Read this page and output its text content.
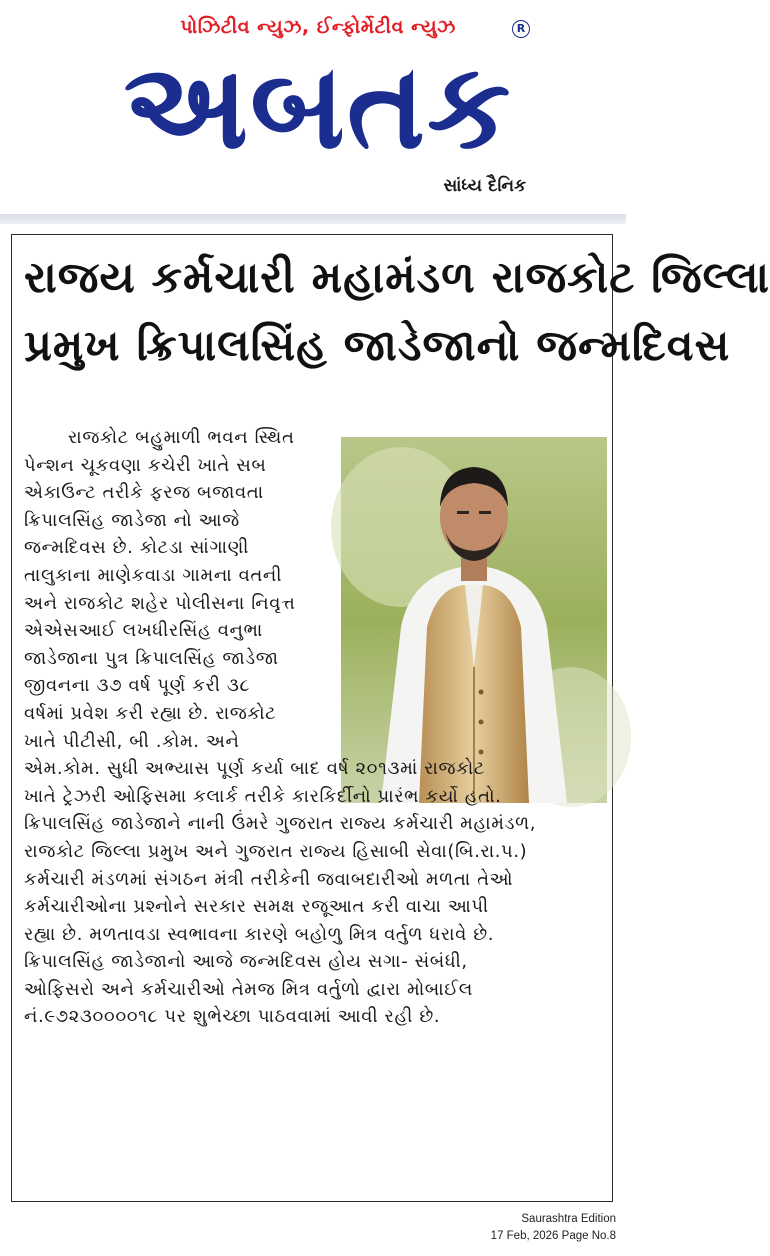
પોઝિટીવ ન્યુઝ, ઈન્ફોર્મેટીવ ન્યુઝ	R
અબતક
સાંધ્ય દૈનિક
રાજય કર્મચારી મહામંડળ રાજકોટ જિલ્લા
પ્રમુખ ક્રિપાલસિંહ જાડેજાનો જન્મદિવસ
રાજકોટ બહુમાળી ભવન સ્થિત
પેન્શન ચૂકવણા કચેરી ખાતે સબ
એકાઉન્ટ તરીકે ફરજ બજાવતા
ક્રિપાલસિંહ જાડેજા નો આજે
જન્મદિવસ છે. કોટડા સાંગાણી
તાલુકાના માણેકવાડા ગામના વતની
અને રાજકોટ શહેર પોલીસના નિવૃત્ત
એએસઆઈ લખધીરસિંહ વનુભા
જાડેજાના પુત્ર ક્રિપાલસિંહ જાડેજા
જીવનના ૩૭ વર્ષ પૂર્ણ કરી ૩૮
વર્ષમાં પ્રવેશ કરી રહ્યા છે. રાજકોટ
ખાતે પીટીસી, બી .કોમ. અને
એમ.કોમ. સુધી અભ્યાસ પૂર્ણ કર્યા બાદ વર્ષ ૨૦૧૩માં રાજકોટ
ખાતે ટ્રેઝરી ઓફિસમા કલાર્ક તરીકે કારકિર્દીનો પ્રારંભ કર્યો હતો.
ક્રિપાલસિંહ જાડેજાને નાની ઉંમરે ગુજરાત રાજ્ય કર્મચારી મહામંડળ,
રાજકોટ જિલ્લા પ્રમુખ અને ગુજરાત રાજ્ય હિસાબી સેવા(બિ.રા.પ.)
કર્મચારી મંડળમાં સંગઠન મંત્રી તરીકેની જવાબદારીઓ મળતા તેઓ
કર્મચારીઓના પ્રશ્નોને સરકાર સમક્ષ રજૂઆત કરી વાચા આપી
રહ્યા છે. મળતાવડા સ્વભાવના કારણે બહોળુ મિત્ર વર્તુળ ધરાવે છે.
ક્રિપાલસિંહ જાડેજાનો આજે જન્મદિવસ હોય સગા- સંબંધી,
ઓફિસરો અને કર્મચારીઓ તેમજ મિત્ર વર્તુળો દ્વારા મોબાઈલ
નં.૯૭૨૩૦૦૦૦૧૮ પર શુભેચ્છા પાઠવવામાં આવી રહી છે.
Saurashtra Edition
17 Feb, 2026 Page No.8
